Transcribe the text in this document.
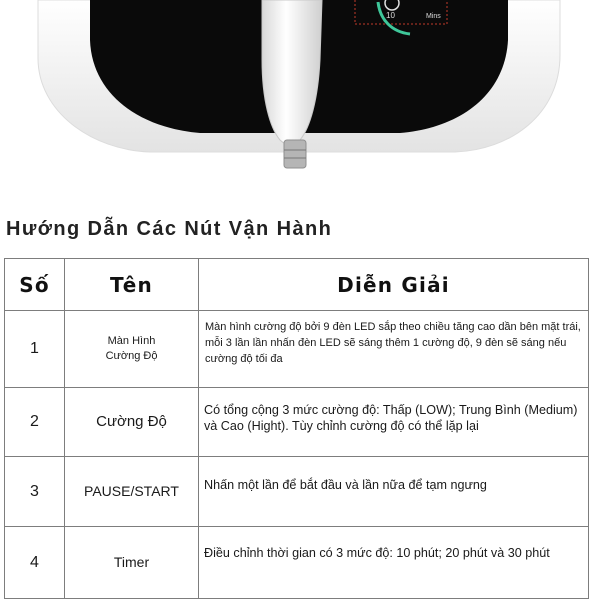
10	Mins
Hướng Dẫn Các Nút Vận Hành
Số	Tên	Diễn Giải
1	Màn Hình Cường Độ	Màn hình cường độ bởi 9 đèn LED sắp theo chiều tăng cao dần bên mặt trái, mỗi 3 lần lần nhấn đèn LED sẽ sáng thêm 1 cường độ, 9 đèn sẽ sáng nếu cường độ tối đa

2	Cường Độ	Có tổng cộng 3 mức cường độ: Thấp (LOW); Trung Bình (Medium) và Cao (Hight). Tùy chỉnh cường độ có thể lặp lại

3	PAUSE/START	Nhấn một lần để bắt đầu và lần nữa để tạm ngưng

4	Timer	Điều chỉnh thời gian có 3 mức độ: 10 phút; 20 phút và 30 phút
